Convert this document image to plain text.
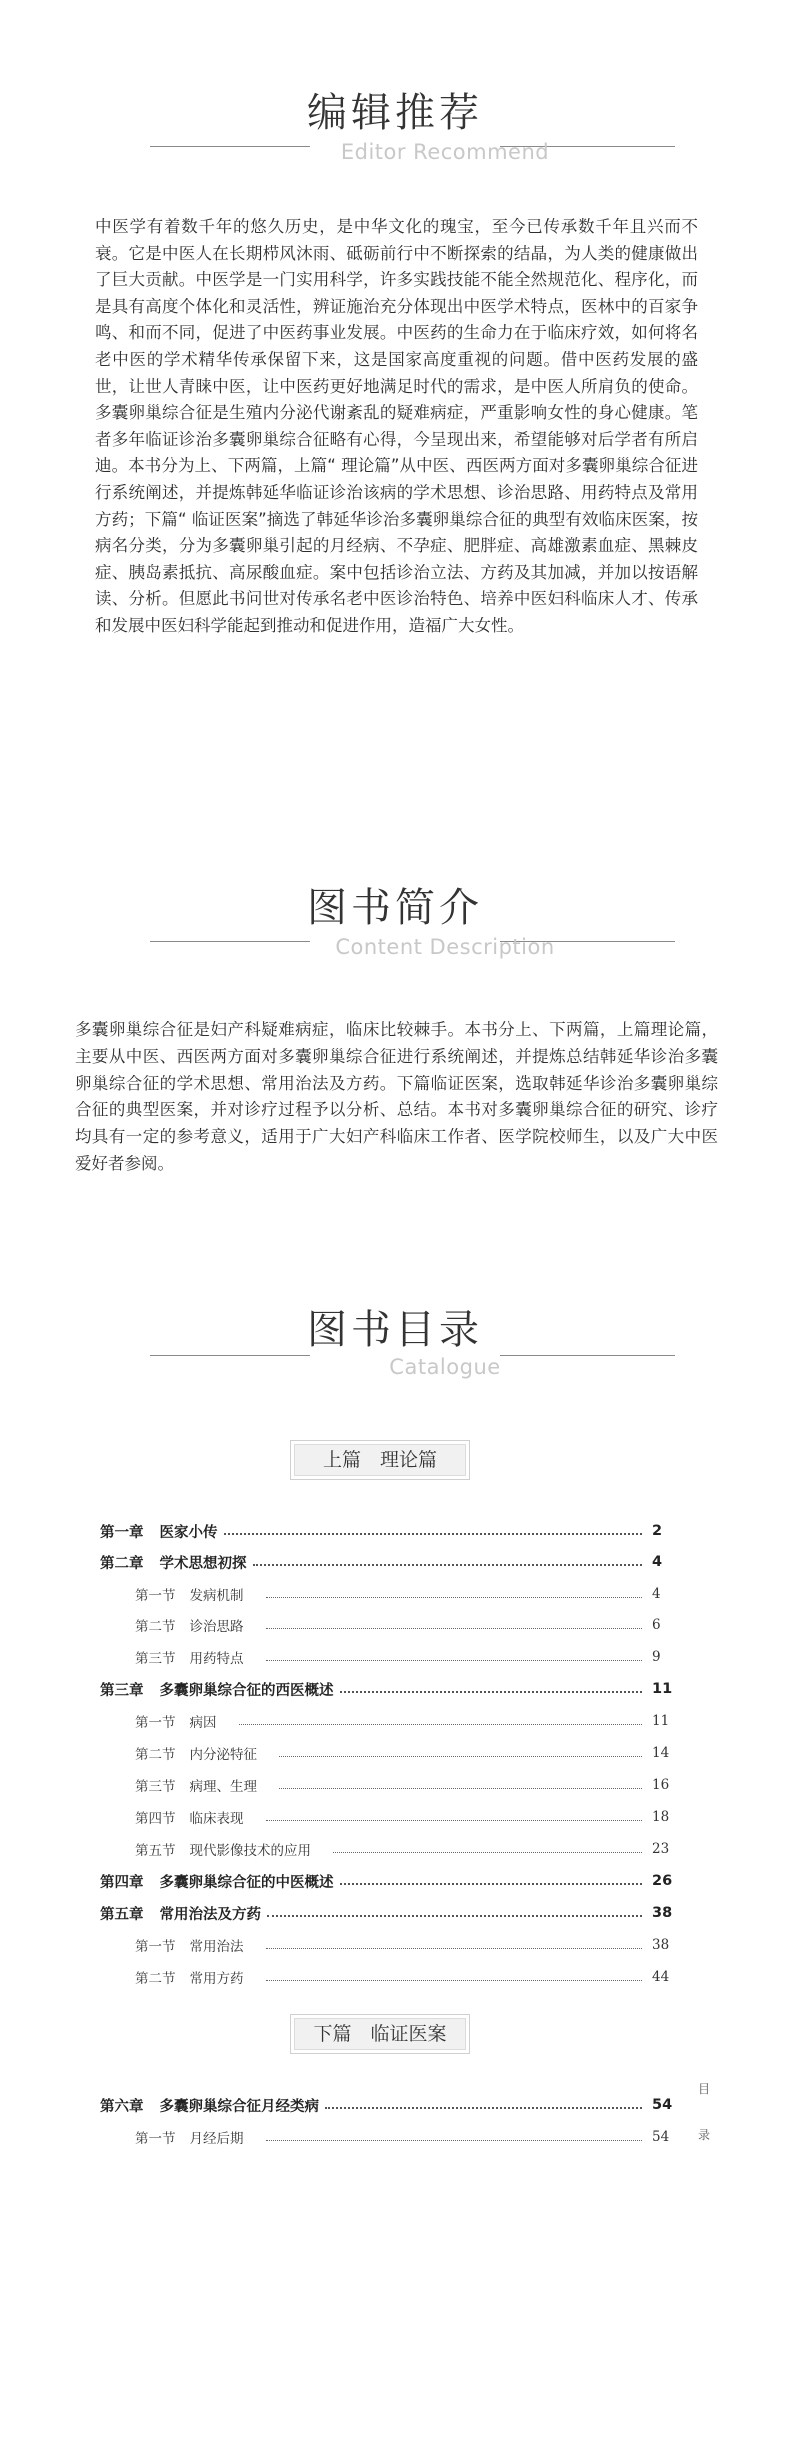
编辑推荐
Editor Recommend
中医学有着数千年的悠久历史，是中华文化的瑰宝，至今已传承数千年且兴而不衰。它是中医人在长期栉风沐雨、砥砺前行中不断探索的结晶，为人类的健康做出了巨大贡献。中医学是一门实用科学，许多实践技能不能全然规范化、程序化，而是具有高度个体化和灵活性，辨证施治充分体现出中医学术特点，医林中的百家争鸣、和而不同，促进了中医药事业发展。中医药的生命力在于临床疗效，如何将名老中医的学术精华传承保留下来，这是国家高度重视的问题。借中医药发展的盛世，让世人青睐中医，让中医药更好地满足时代的需求，是中医人所肩负的使命。多囊卵巢综合征是生殖内分泌代谢紊乱的疑难病症，严重影响女性的身心健康。笔者多年临证诊治多囊卵巢综合征略有心得，今呈现出来，希望能够对后学者有所启迪。本书分为上、下两篇，上篇“ 理论篇”从中医、西医两方面对多囊卵巢综合征进行系统阐述，并提炼韩延华临证诊治该病的学术思想、诊治思路、用药特点及常用方药；下篇“ 临证医案”摘选了韩延华诊治多囊卵巢综合征的典型有效临床医案，按病名分类，分为多囊卵巢引起的月经病、不孕症、肥胖症、高雄激素血症、黑棘皮症、胰岛素抵抗、高尿酸血症。案中包括诊治立法、方药及其加减，并加以按语解读、分析。但愿此书问世对传承名老中医诊治特色、培养中医妇科临床人才、传承和发展中医妇科学能起到推动和促进作用，造福广大女性。
图书简介
Content Description
多囊卵巢综合征是妇产科疑难病症，临床比较棘手。本书分上、下两篇，上篇理论篇，主要从中医、西医两方面对多囊卵巢综合征进行系统阐述，并提炼总结韩延华诊治多囊卵巢综合征的学术思想、常用治法及方药。下篇临证医案，选取韩延华诊治多囊卵巢综合征的典型医案，并对诊疗过程予以分析、总结。本书对多囊卵巢综合征的研究、诊疗均具有一定的参考意义，适用于广大妇产科临床工作者、医学院校师生，以及广大中医爱好者参阅。
图书目录
Catalogue
上篇　理论篇
第一章 医家小传	2
第二章 学术思想初探	4
第一节 发病机制	4
第二节 诊治思路	6
第三节 用药特点	9
第三章 多囊卵巢综合征的西医概述	11
第一节 病因	11
第二节 内分泌特征	14
第三节 病理、生理	16
第四节 临床表现	18
第五节 现代影像技术的应用	23
第四章 多囊卵巢综合征的中医概述	26
第五章 常用治法及方药	38
第一节 常用治法	38
第二节 常用方药	44
下篇　临证医案
第六章 多囊卵巢综合征月经类病	54
第一节 月经后期	54
目
录
